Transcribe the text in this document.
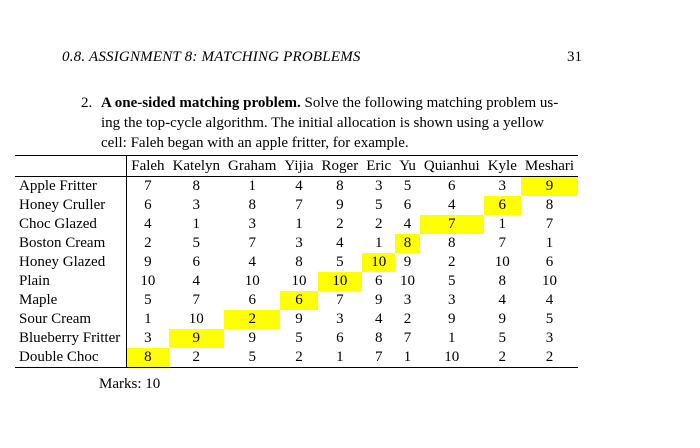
0.8. ASSIGNMENT 8: MATCHING PROBLEMS	31
2. A one-sided matching problem. Solve the following matching problem us-
ing the top-cycle algorithm. The initial allocation is shown using a yellow
cell: Faleh began with an apple fritter, for example.
	Faleh	Katelyn	Graham	Yijia	Roger	Eric	Yu	Quianhui	Kyle	Meshari
Apple Fritter	7	8	1	4	8	3	5	6	3	9
Honey Cruller	6	3	8	7	9	5	6	4	6	8
Choc Glazed	4	1	3	1	2	2	4	7	1	7
Boston Cream	2	5	7	3	4	1	8	8	7	1
Honey Glazed	9	6	4	8	5	10	9	2	10	6
Plain	10	4	10	10	10	6	10	5	8	10
Maple	5	7	6	6	7	9	3	3	4	4
Sour Cream	1	10	2	9	3	4	2	9	9	5
Blueberry Fritter	3	9	9	5	6	8	7	1	5	3
Double Choc	8	2	5	2	1	7	1	10	2	2
Marks: 10
